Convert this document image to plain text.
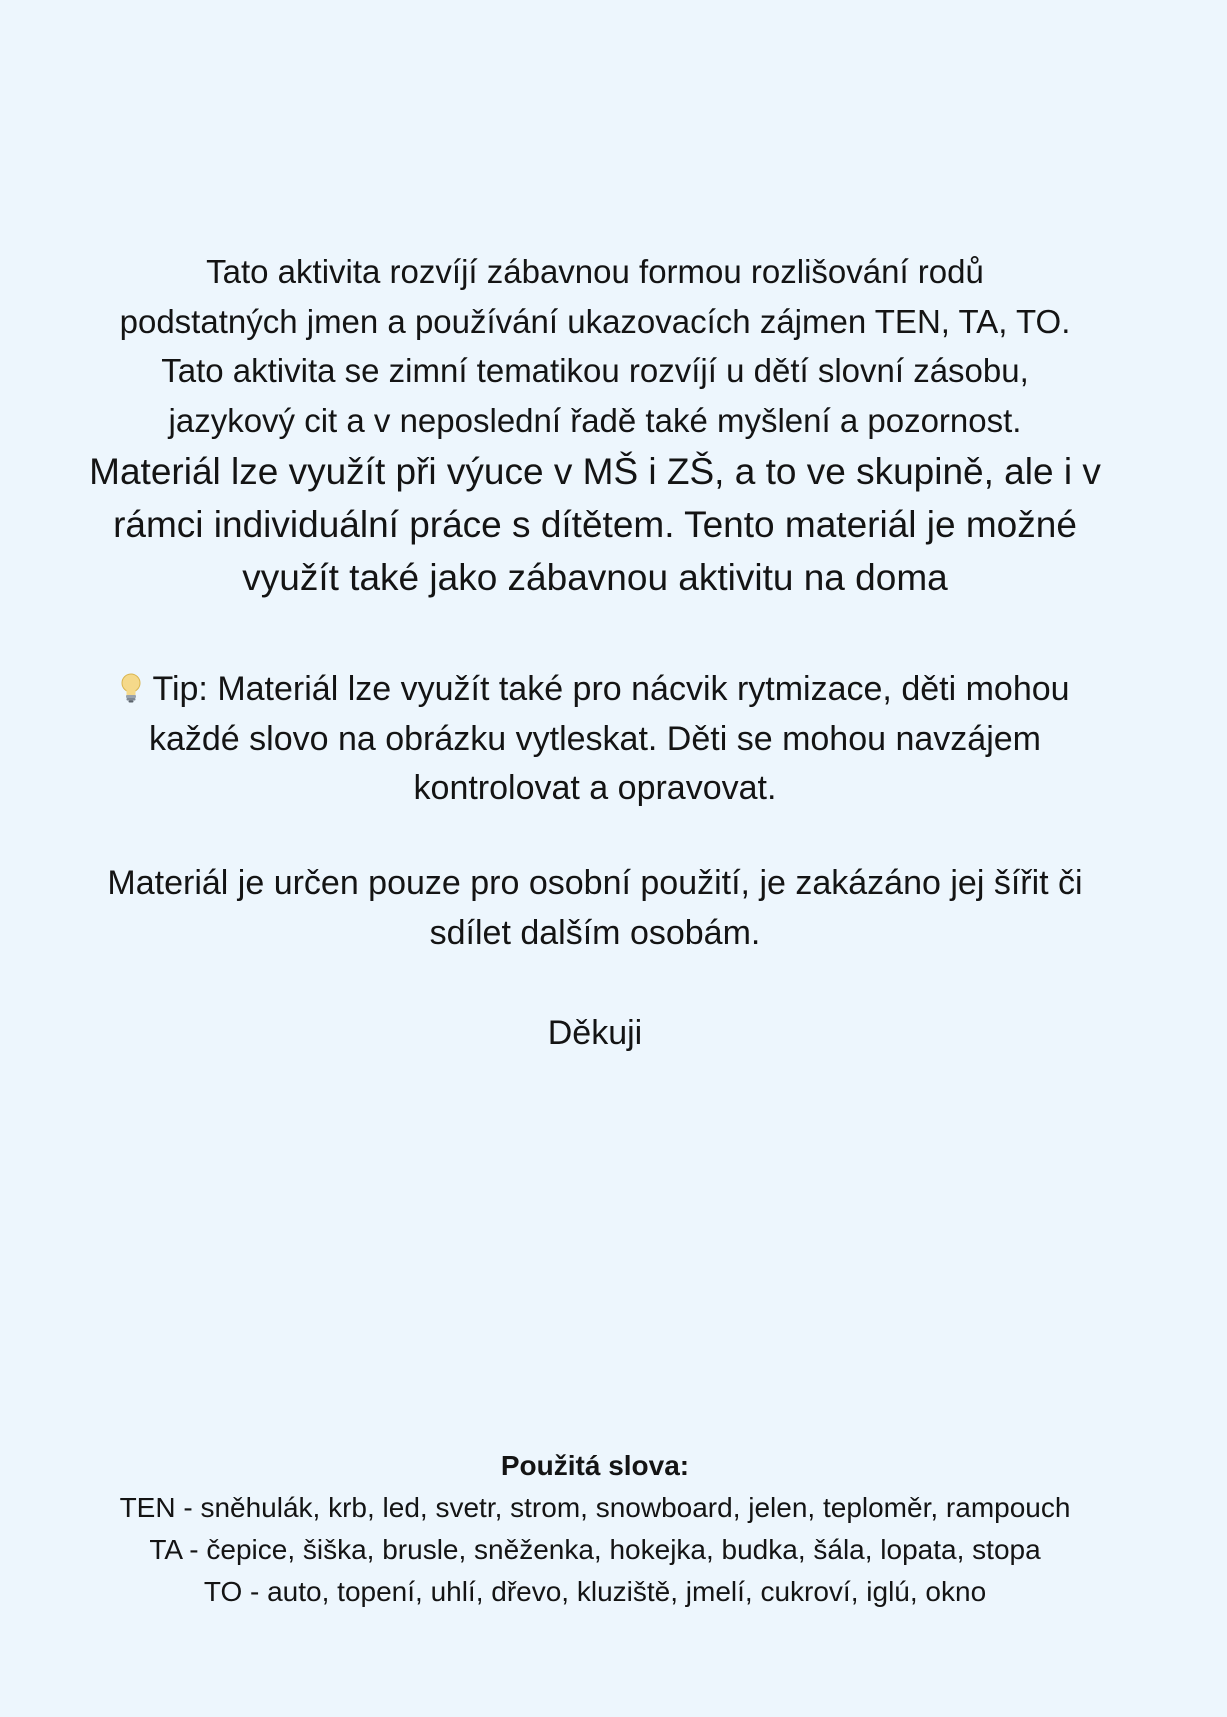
Tato aktivita rozvíjí zábavnou formou rozlišování rodů
podstatných jmen a používání ukazovacích zájmen TEN, TA, TO.
Tato aktivita se zimní tematikou rozvíjí u dětí slovní zásobu,
jazykový cit a v neposlední řadě také myšlení a pozornost.
Materiál lze využít při výuce v MŠ i ZŠ, a to ve skupině, ale i v
rámci individuální práce s dítětem. Tento materiál je možné
využít také jako zábavnou aktivitu na doma
Tip: Materiál lze využít také pro nácvik rytmizace, děti mohou
každé slovo na obrázku vytleskat. Děti se mohou navzájem
kontrolovat a opravovat.
Materiál je určen pouze pro osobní použití, je zakázáno jej šířit či
sdílet dalším osobám.
Děkuji
Použitá slova:
TEN - sněhulák, krb, led, svetr, strom, snowboard, jelen, teploměr, rampouch
TA - čepice, šiška, brusle, sněženka, hokejka, budka, šála, lopata, stopa
TO - auto, topení, uhlí, dřevo, kluziště, jmelí, cukroví, iglú, okno
